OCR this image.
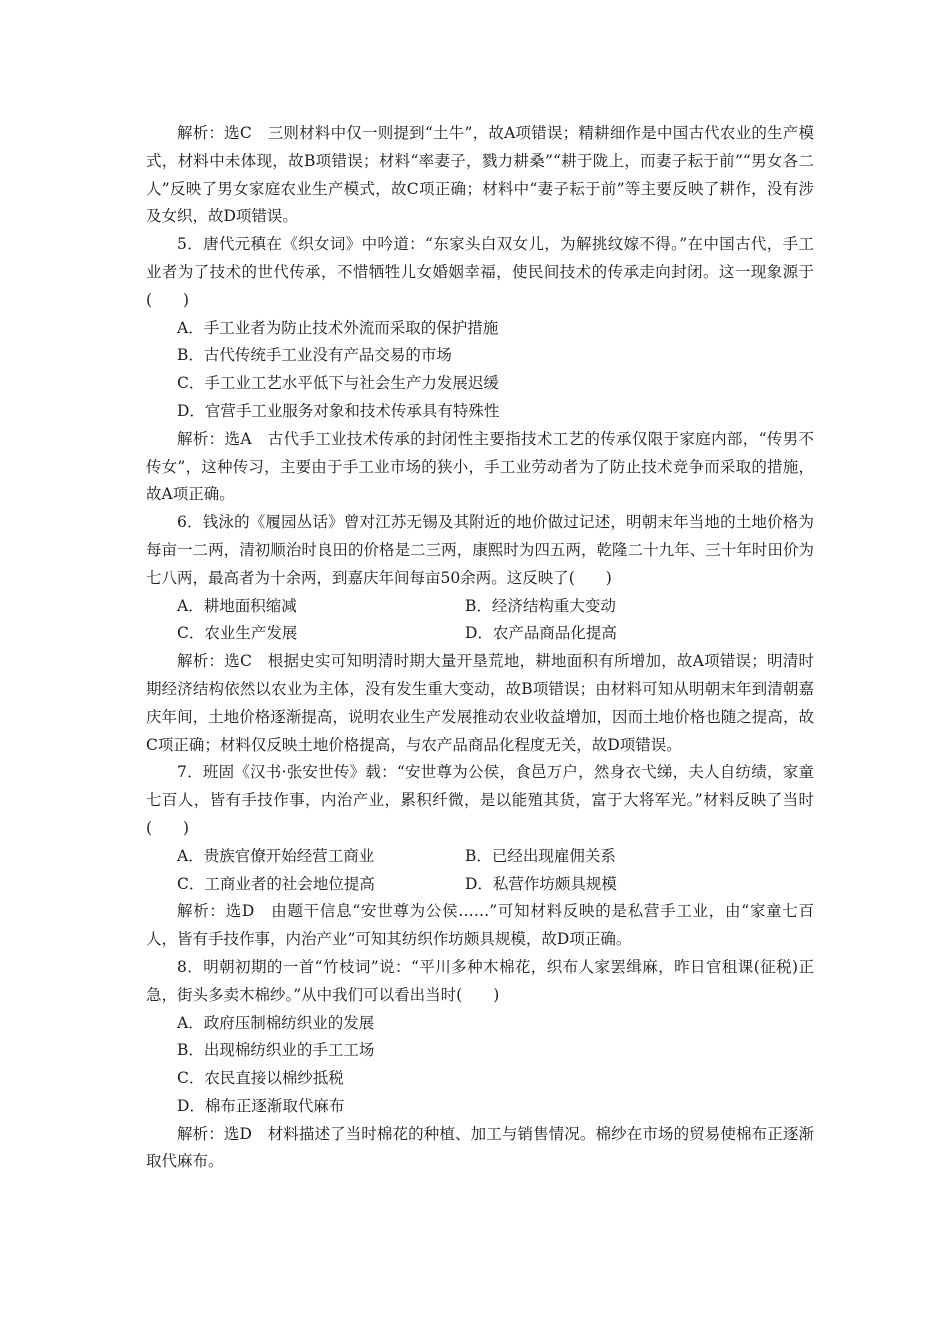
解析：选C　三则材料中仅一则提到“土牛”，故A项错误；精耕细作是中国古代农业的生产模式，材料中未体现，故B项错误；材料“率妻子，戮力耕桑”“耕于陇上，而妻子耘于前”“男女各二人”反映了男女家庭农业生产模式，故C项正确；材料中“妻子耘于前”等主要反映了耕作，没有涉及女织，故D项错误。

5．唐代元稹在《织女词》中吟道：“东家头白双女儿，为解挑纹嫁不得。”在中国古代，手工业者为了技术的世代传承，不惜牺牲儿女婚姻幸福，使民间技术的传承走向封闭。这一现象源于(　　)

A．手工业者为防止技术外流而采取的保护措施

B．古代传统手工业没有产品交易的市场

C．手工业工艺水平低下与社会生产力发展迟缓

D．官营手工业服务对象和技术传承具有特殊性

解析：选A　古代手工业技术传承的封闭性主要指技术工艺的传承仅限于家庭内部，“传男不传女”，这种传习，主要由于手工业市场的狭小，手工业劳动者为了防止技术竞争而采取的措施，故A项正确。

6．钱泳的《履园丛话》曾对江苏无锡及其附近的地价做过记述，明朝末年当地的土地价格为每亩一二两，清初顺治时良田的价格是二三两，康熙时为四五两，乾隆二十九年、三十年时田价为七八两，最高者为十余两，到嘉庆年间每亩50余两。这反映了(　　)

A．耕地面积缩减	B．经济结构重大变动
C．农业生产发展	D．农产品商品化提高

解析：选C　根据史实可知明清时期大量开垦荒地，耕地面积有所增加，故A项错误；明清时期经济结构依然以农业为主体，没有发生重大变动，故B项错误；由材料可知从明朝末年到清朝嘉庆年间，土地价格逐渐提高，说明农业生产发展推动农业收益增加，因而土地价格也随之提高，故C项正确；材料仅反映土地价格提高，与农产品商品化程度无关，故D项错误。

7．班固《汉书·张安世传》载：“安世尊为公侯，食邑万户，然身衣弋绨，夫人自纺绩，家童七百人，皆有手技作事，内治产业，累积纤微，是以能殖其货，富于大将军光。”材料反映了当时(　　)

A．贵族官僚开始经营工商业	B．已经出现雇佣关系
C．工商业者的社会地位提高	D．私营作坊颇具规模

解析：选D　由题干信息“安世尊为公侯……”可知材料反映的是私营手工业，由“家童七百人，皆有手技作事，内治产业”可知其纺织作坊颇具规模，故D项正确。

8．明朝初期的一首“竹枝词”说：“平川多种木棉花，织布人家罢缉麻，昨日官租课(征税)正急，街头多卖木棉纱。”从中我们可以看出当时(　　)

A．政府压制棉纺织业的发展

B．出现棉纺织业的手工工场

C．农民直接以棉纱抵税

D．棉布正逐渐取代麻布

解析：选D　材料描述了当时棉花的种植、加工与销售情况。棉纱在市场的贸易使棉布正逐渐取代麻布。
